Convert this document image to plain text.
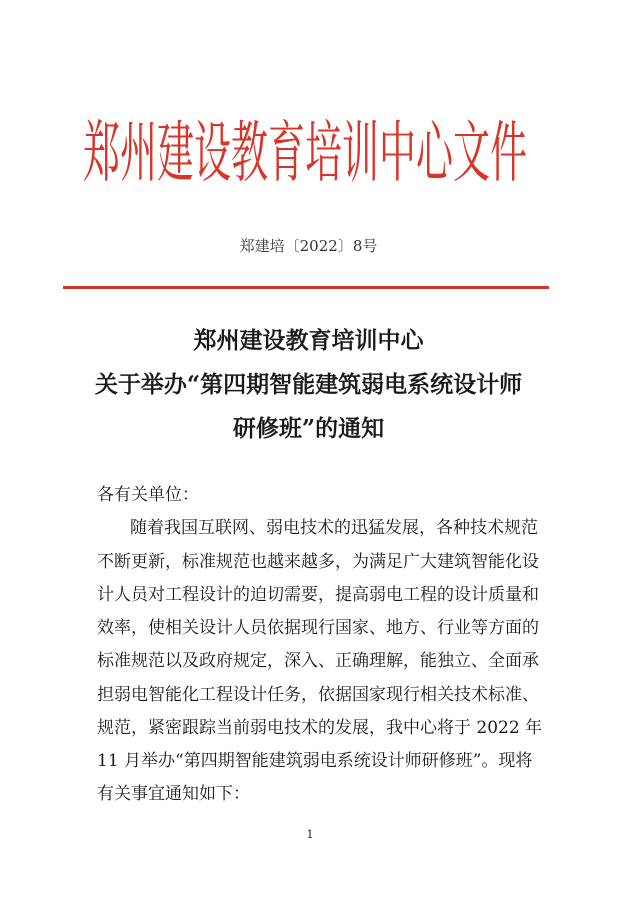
郑州建设教育培训中心文件
郑建培〔2022〕8号
郑州建设教育培训中心
关于举办“第四期智能建筑弱电系统设计师
研修班”的通知
各有关单位：
随着我国互联网、弱电技术的迅猛发展，各种技术规范
不断更新，标准规范也越来越多，为满足广大建筑智能化设
计人员对工程设计的迫切需要，提高弱电工程的设计质量和
效率，使相关设计人员依据现行国家、地方、行业等方面的
标准规范以及政府规定，深入、正确理解，能独立、全面承
担弱电智能化工程设计任务，依据国家现行相关技术标准、
规范，紧密跟踪当前弱电技术的发展，我中心将于 2022 年
11 月举办“第四期智能建筑弱电系统设计师研修班”。现将
有关事宜通知如下：
1
